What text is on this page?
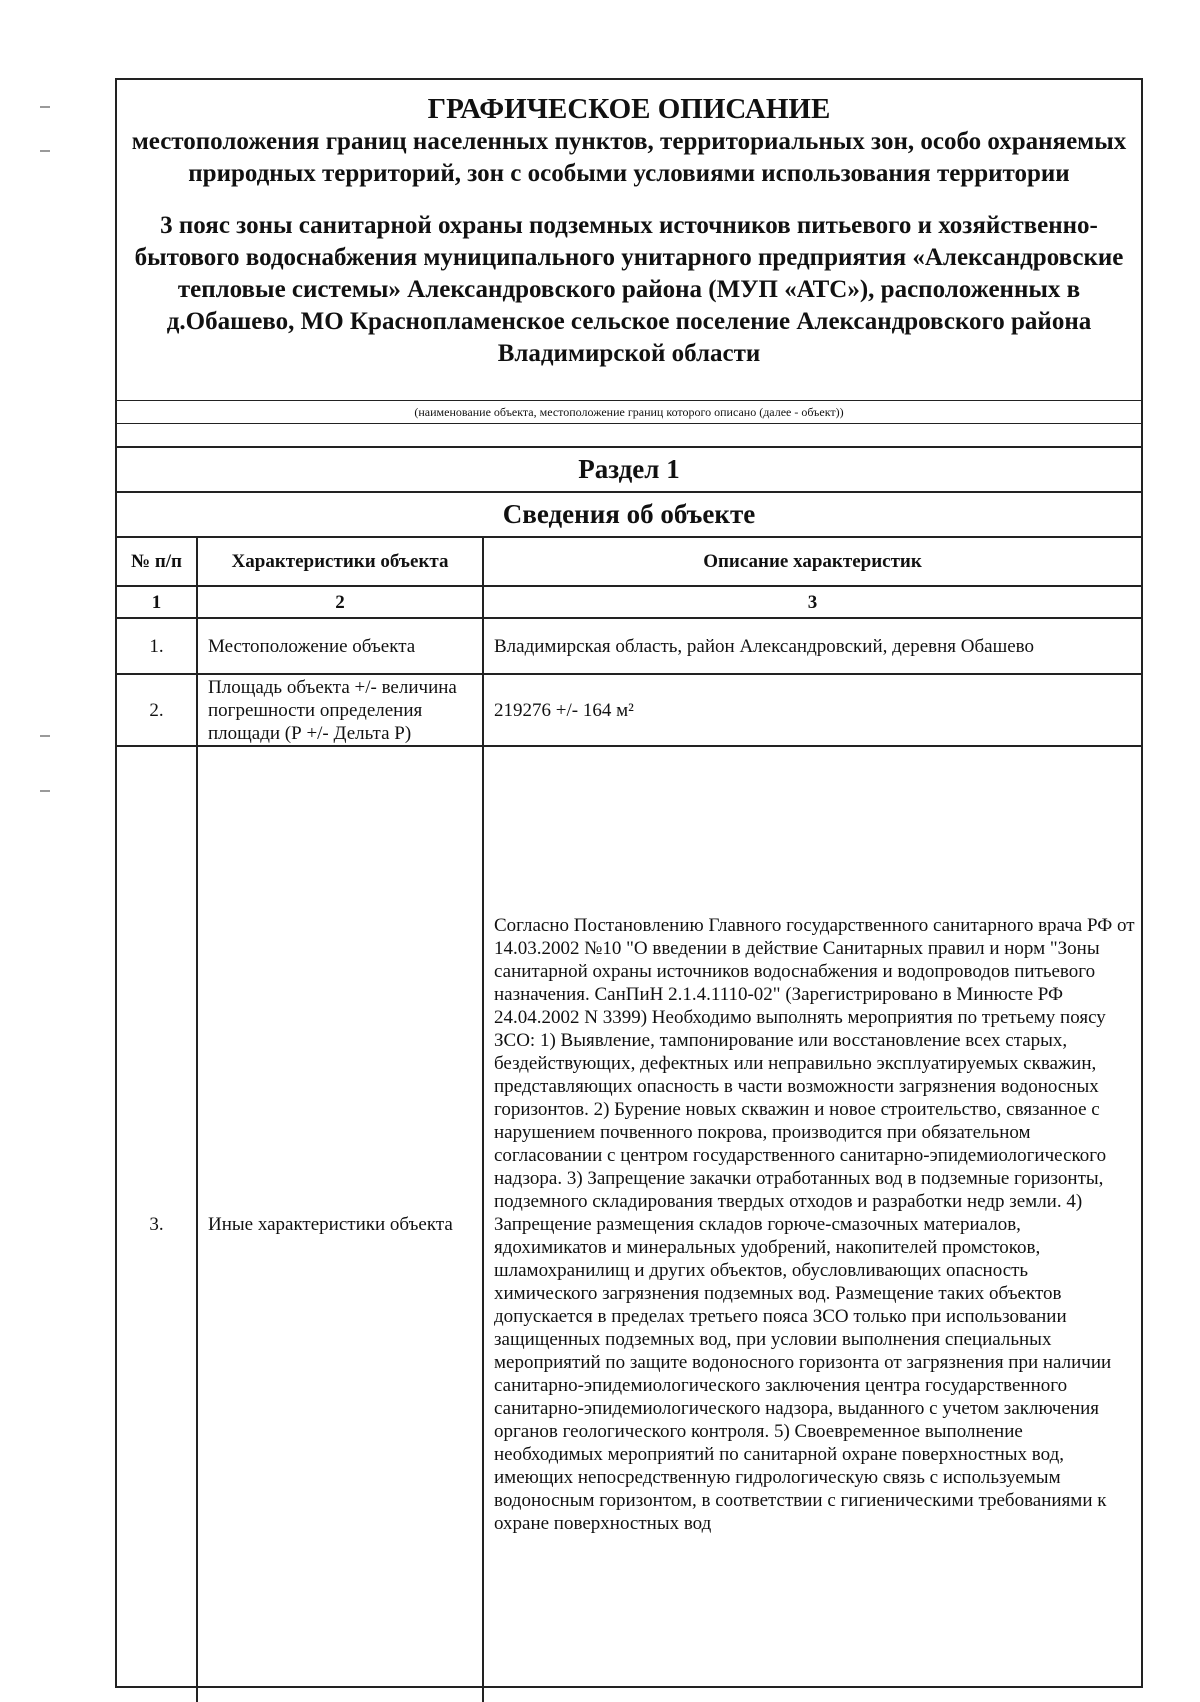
ГРАФИЧЕСКОЕ ОПИСАНИЕ
местоположения границ населенных пунктов, территориальных зон, особо охраняемых природных территорий, зон с особыми условиями использования территории
3 пояс зоны санитарной охраны подземных источников питьевого и хозяйственно-бытового водоснабжения муниципального унитарного предприятия «Александровские тепловые системы» Александровского района (МУП «АТС»), расположенных в д.Обашево, МО Краснопламенское сельское поселение Александровского района Владимирской области
(наименование объекта, местоположение границ которого описано (далее - объект))
Раздел 1
Сведения об объекте
№ п/п	Характеристики объекта	Описание характеристик
1	2	3
1.	Местоположение объекта	Владимирская область, район Александровский, деревня Обашево
2.	Площадь объекта +/- величина погрешности определения площади (Р +/- Дельта Р)	219276 +/- 164 м²
3.	Иные характеристики объекта	Согласно Постановлению Главного государственного санитарного врача РФ от 14.03.2002 №10 "О введении в действие Санитарных правил и норм "Зоны санитарной охраны источников водоснабжения и водопроводов питьевого назначения. СанПиН 2.1.4.1110-02" (Зарегистрировано в Минюсте РФ 24.04.2002 N 3399) Необходимо выполнять мероприятия по третьему поясу ЗСО: 1) Выявление, тампонирование или восстановление всех старых, бездействующих, дефектных или неправильно эксплуатируемых скважин, представляющих опасность в части возможности загрязнения водоносных горизонтов. 2) Бурение новых скважин и новое строительство, связанное с нарушением почвенного покрова, производится при обязательном согласовании с центром государственного санитарно-эпидемиологического надзора. 3) Запрещение закачки отработанных вод в подземные горизонты, подземного складирования твердых отходов и разработки недр земли. 4) Запрещение размещения складов горюче-смазочных материалов, ядохимикатов и минеральных удобрений, накопителей промстоков, шламохранилищ и других объектов, обусловливающих опасность химического загрязнения подземных вод. Размещение таких объектов допускается в пределах третьего пояса ЗСО только при использовании защищенных подземных вод, при условии выполнения специальных мероприятий по защите водоносного горизонта от загрязнения при наличии санитарно-эпидемиологического заключения центра государственного санитарно-эпидемиологического надзора, выданного с учетом заключения органов геологического контроля. 5) Своевременное выполнение необходимых мероприятий по санитарной охране поверхностных вод, имеющих непосредственную гидрологическую связь с используемым водоносным горизонтом, в соответствии с гигиеническими требованиями к охране поверхностных вод
